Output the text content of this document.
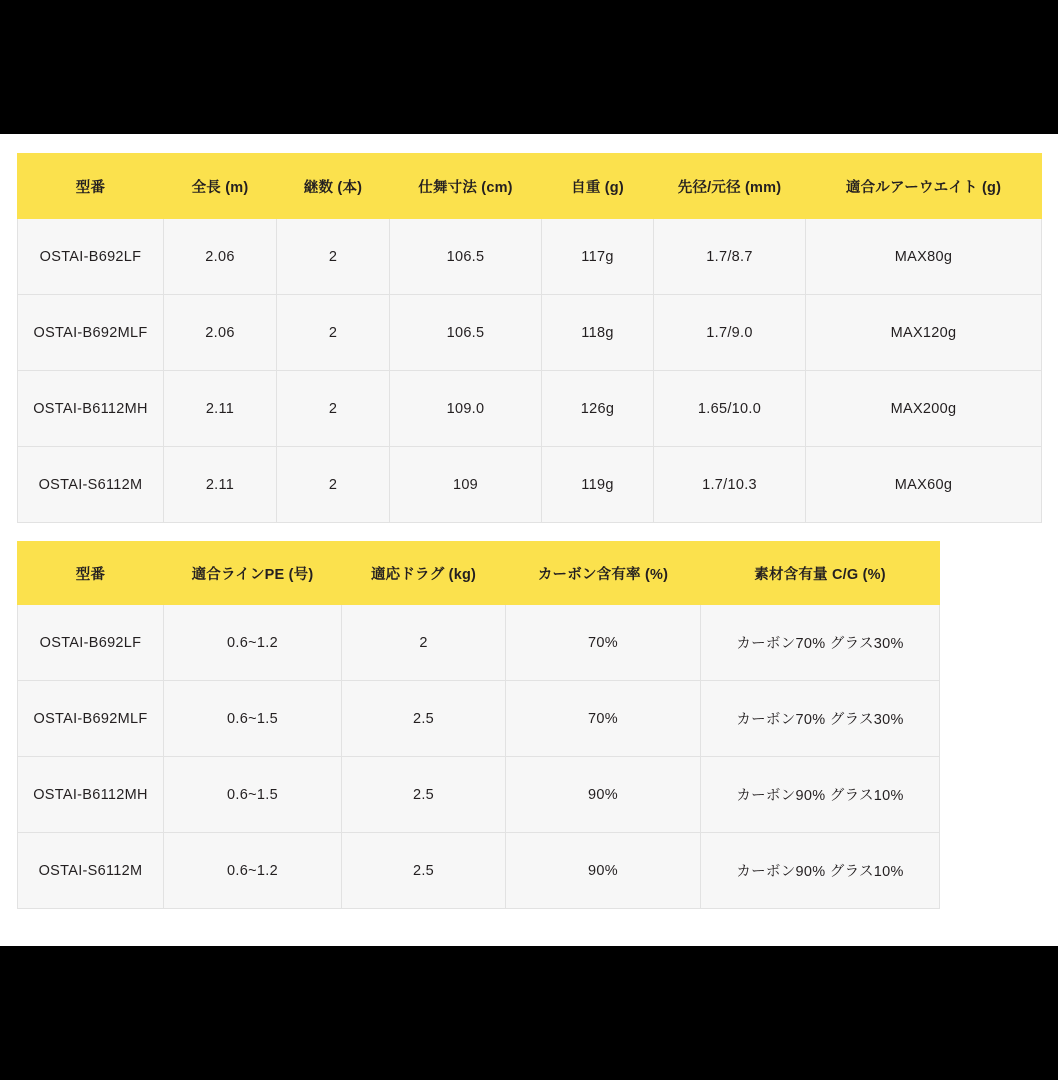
型番	全長 (m)	継数 (本)	仕舞寸法 (cm)	自重 (g)	先径/元径 (mm)	適合ルアーウエイト (g)
OSTAI-B692LF	2.06	2	106.5	117g	1.7/8.7	MAX80g
OSTAI-B692MLF	2.06	2	106.5	118g	1.7/9.0	MAX120g
OSTAI-B6112MH	2.11	2	109.0	126g	1.65/10.0	MAX200g
OSTAI-S6112M	2.11	2	109	119g	1.7/10.3	MAX60g
型番	適合ラインPE (号)	適応ドラグ (kg)	カーボン含有率 (%)	素材含有量 C/G (%)
OSTAI-B692LF	0.6~1.2	2	70%	カーボン70% グラス30%
OSTAI-B692MLF	0.6~1.5	2.5	70%	カーボン70% グラス30%
OSTAI-B6112MH	0.6~1.5	2.5	90%	カーボン90% グラス10%
OSTAI-S6112M	0.6~1.2	2.5	90%	カーボン90% グラス10%
